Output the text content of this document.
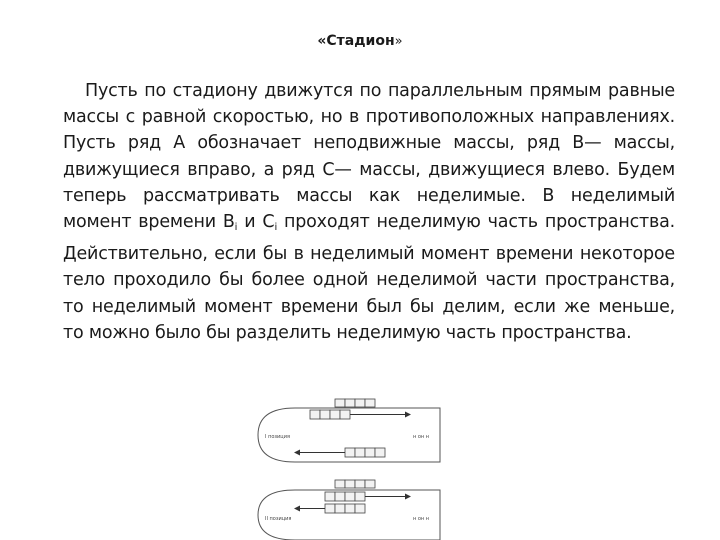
«Стадион»

Пусть по стадиону движутся по параллельным прямым равные массы с равной скоростью, но в противоположных направлениях. Пусть ряд А обозначает неподвижные массы, ряд В— массы, движущиеся вправо, а ряд С— массы, движущиеся влево. Будем теперь рассматривать массы как неделимые. В неделимый момент времени $В_i$ и $С_i$ проходят неделимую часть пространства. Действительно, если бы в неделимый момент времени некоторое тело проходило бы более одной неделимой части пространства, то неделимый момент времени был бы делим, если же меньше, то можно было бы разделить неделимую часть пространства.

I позиция	н он н
II позиция	н он н
